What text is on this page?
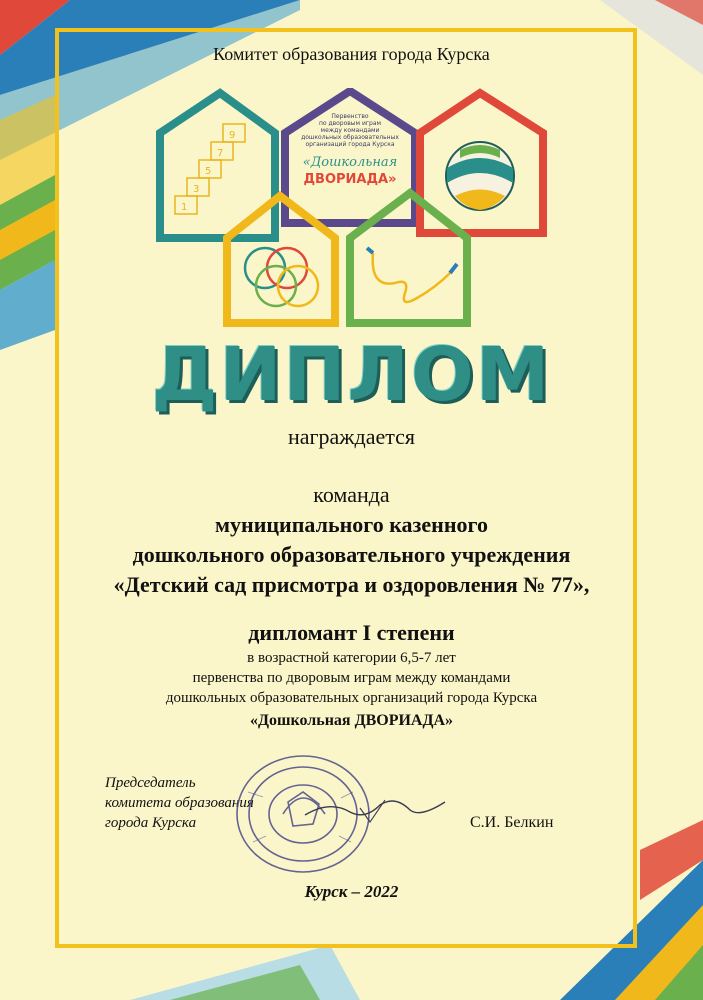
Комитет образования города Курска

1
3
5
7
9
Первенство
по дворовым играм
между командами
дошкольных образовательных
организаций города Курска
«Дошкольная
ДВОРИАДА»
ДИПЛОМ

награждается

команда

муниципального казенного

дошкольного образовательного учреждения

«Детский сад присмотра и оздоровления № 77»,

дипломант I степени

в возрастной категории 6,5-7 лет

первенства по дворовым играм между командами

дошкольных образовательных организаций города Курска

«Дошкольная ДВОРИАДА»

Председатель
комитета образования
города Курска	С.И. Белкин

Курск – 2022
